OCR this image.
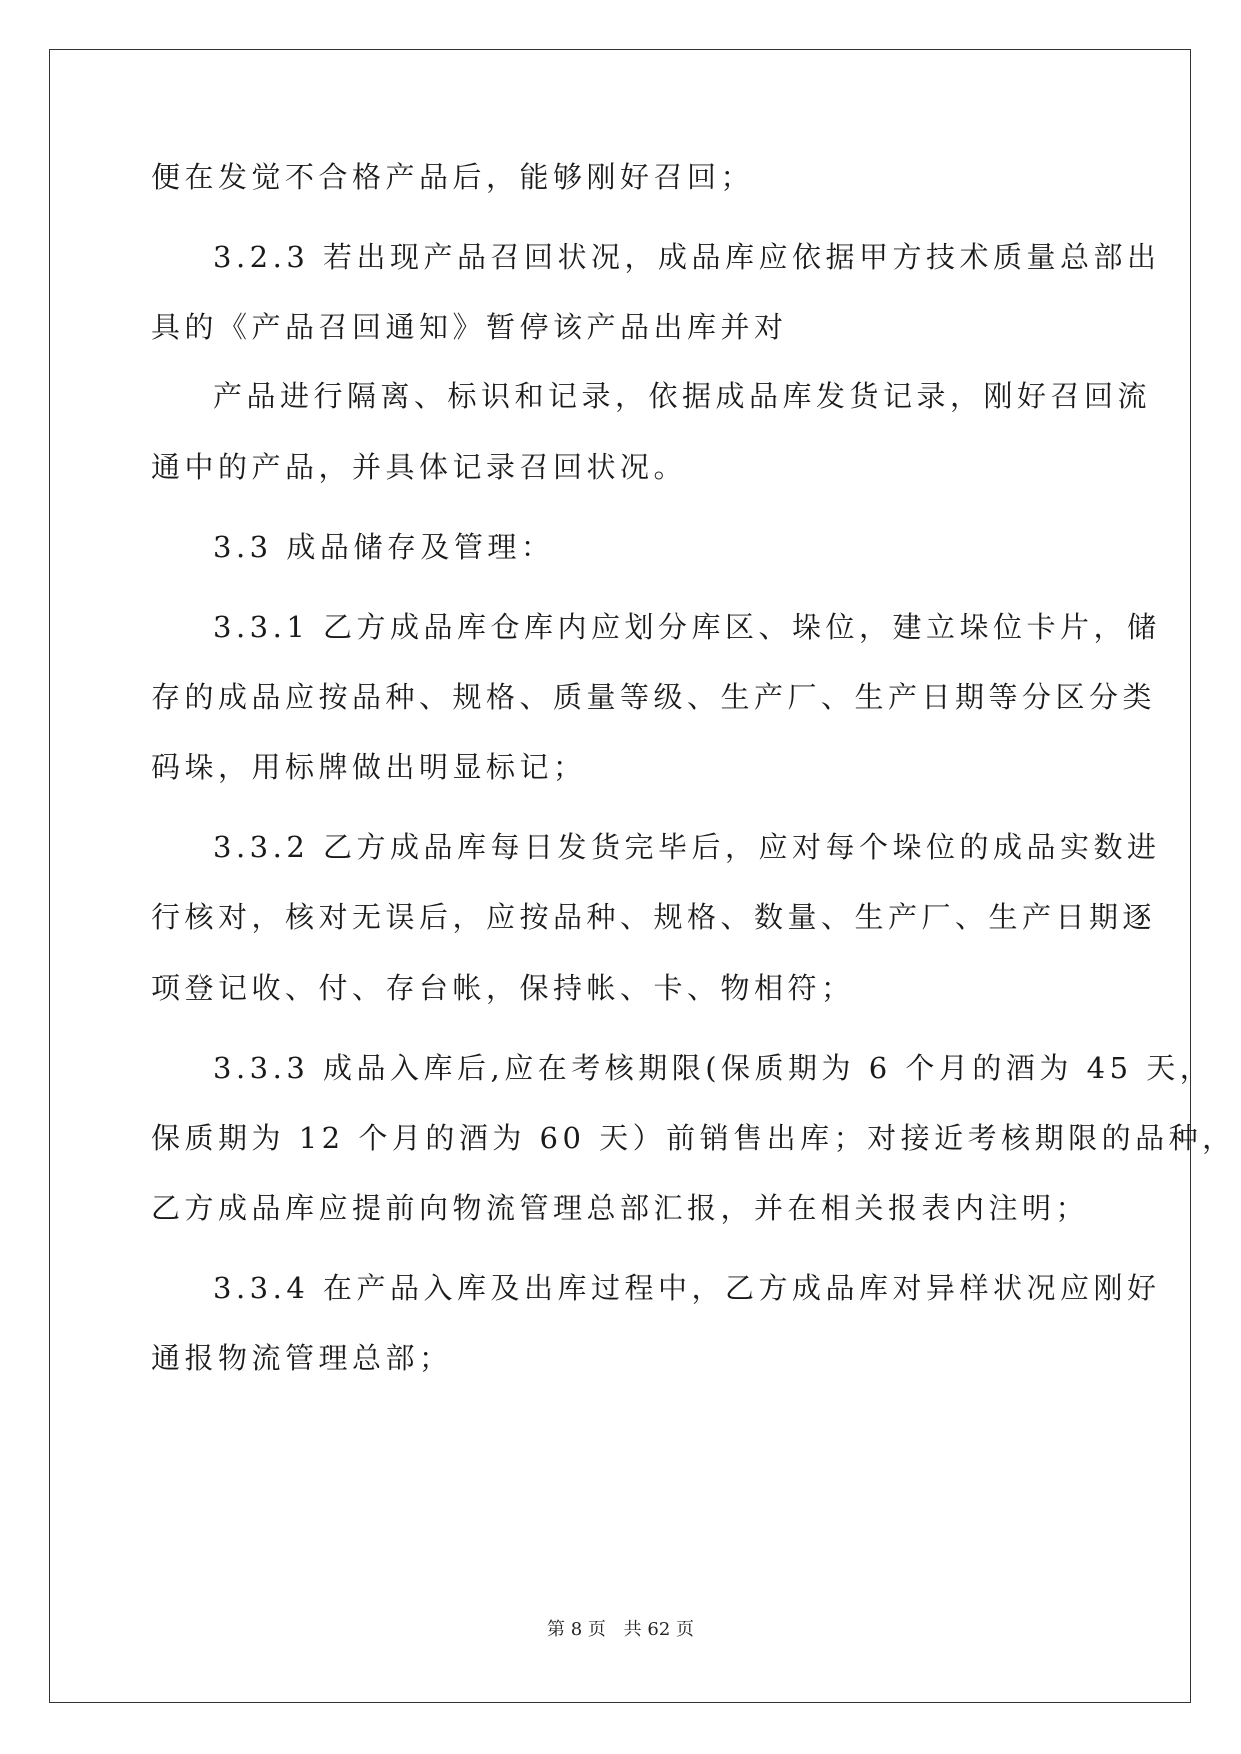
便在发觉不合格产品后，能够刚好召回；
3.2.3 若出现产品召回状况，成品库应依据甲方技术质量总部出
具的《产品召回通知》暂停该产品出库并对
产品进行隔离、标识和记录，依据成品库发货记录，刚好召回流
通中的产品，并具体记录召回状况。
3.3 成品储存及管理：
3.3.1 乙方成品库仓库内应划分库区、垛位，建立垛位卡片，储
存的成品应按品种、规格、质量等级、生产厂、生产日期等分区分类
码垛，用标牌做出明显标记；
3.3.2 乙方成品库每日发货完毕后，应对每个垛位的成品实数进
行核对，核对无误后，应按品种、规格、数量、生产厂、生产日期逐
项登记收、付、存台帐，保持帐、卡、物相符；
3.3.3 成品入库后,应在考核期限(保质期为 6 个月的酒为 45 天，
保质期为 12 个月的酒为 60 天）前销售出库；对接近考核期限的品种，
乙方成品库应提前向物流管理总部汇报，并在相关报表内注明；
3.3.4 在产品入库及出库过程中，乙方成品库对异样状况应刚好
通报物流管理总部；
第 8 页 共 62 页
